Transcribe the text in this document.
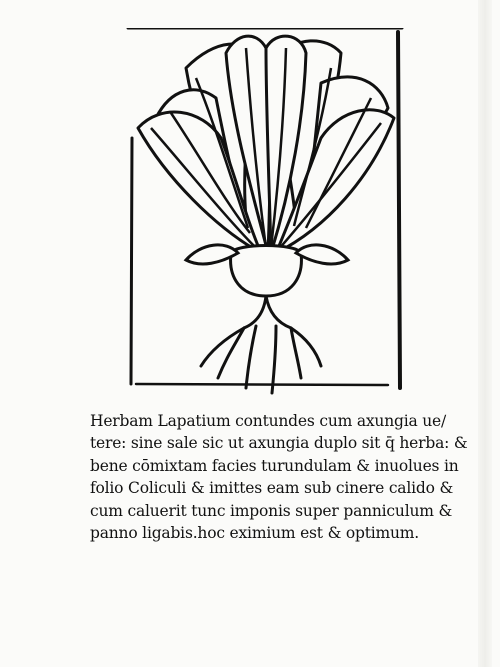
Herbam Lapatium contundes cum axungia ue∕
tere: sine sale sic ut axungia duplo sit q̄ herba: &
bene cōmixtam facies turundulam & inuolues in
folio Coliculi & imittes eam sub cinere calido &
cum caluerit tunc imponis super panniculum &
panno ligabis.hoc eximium est & optimum.
